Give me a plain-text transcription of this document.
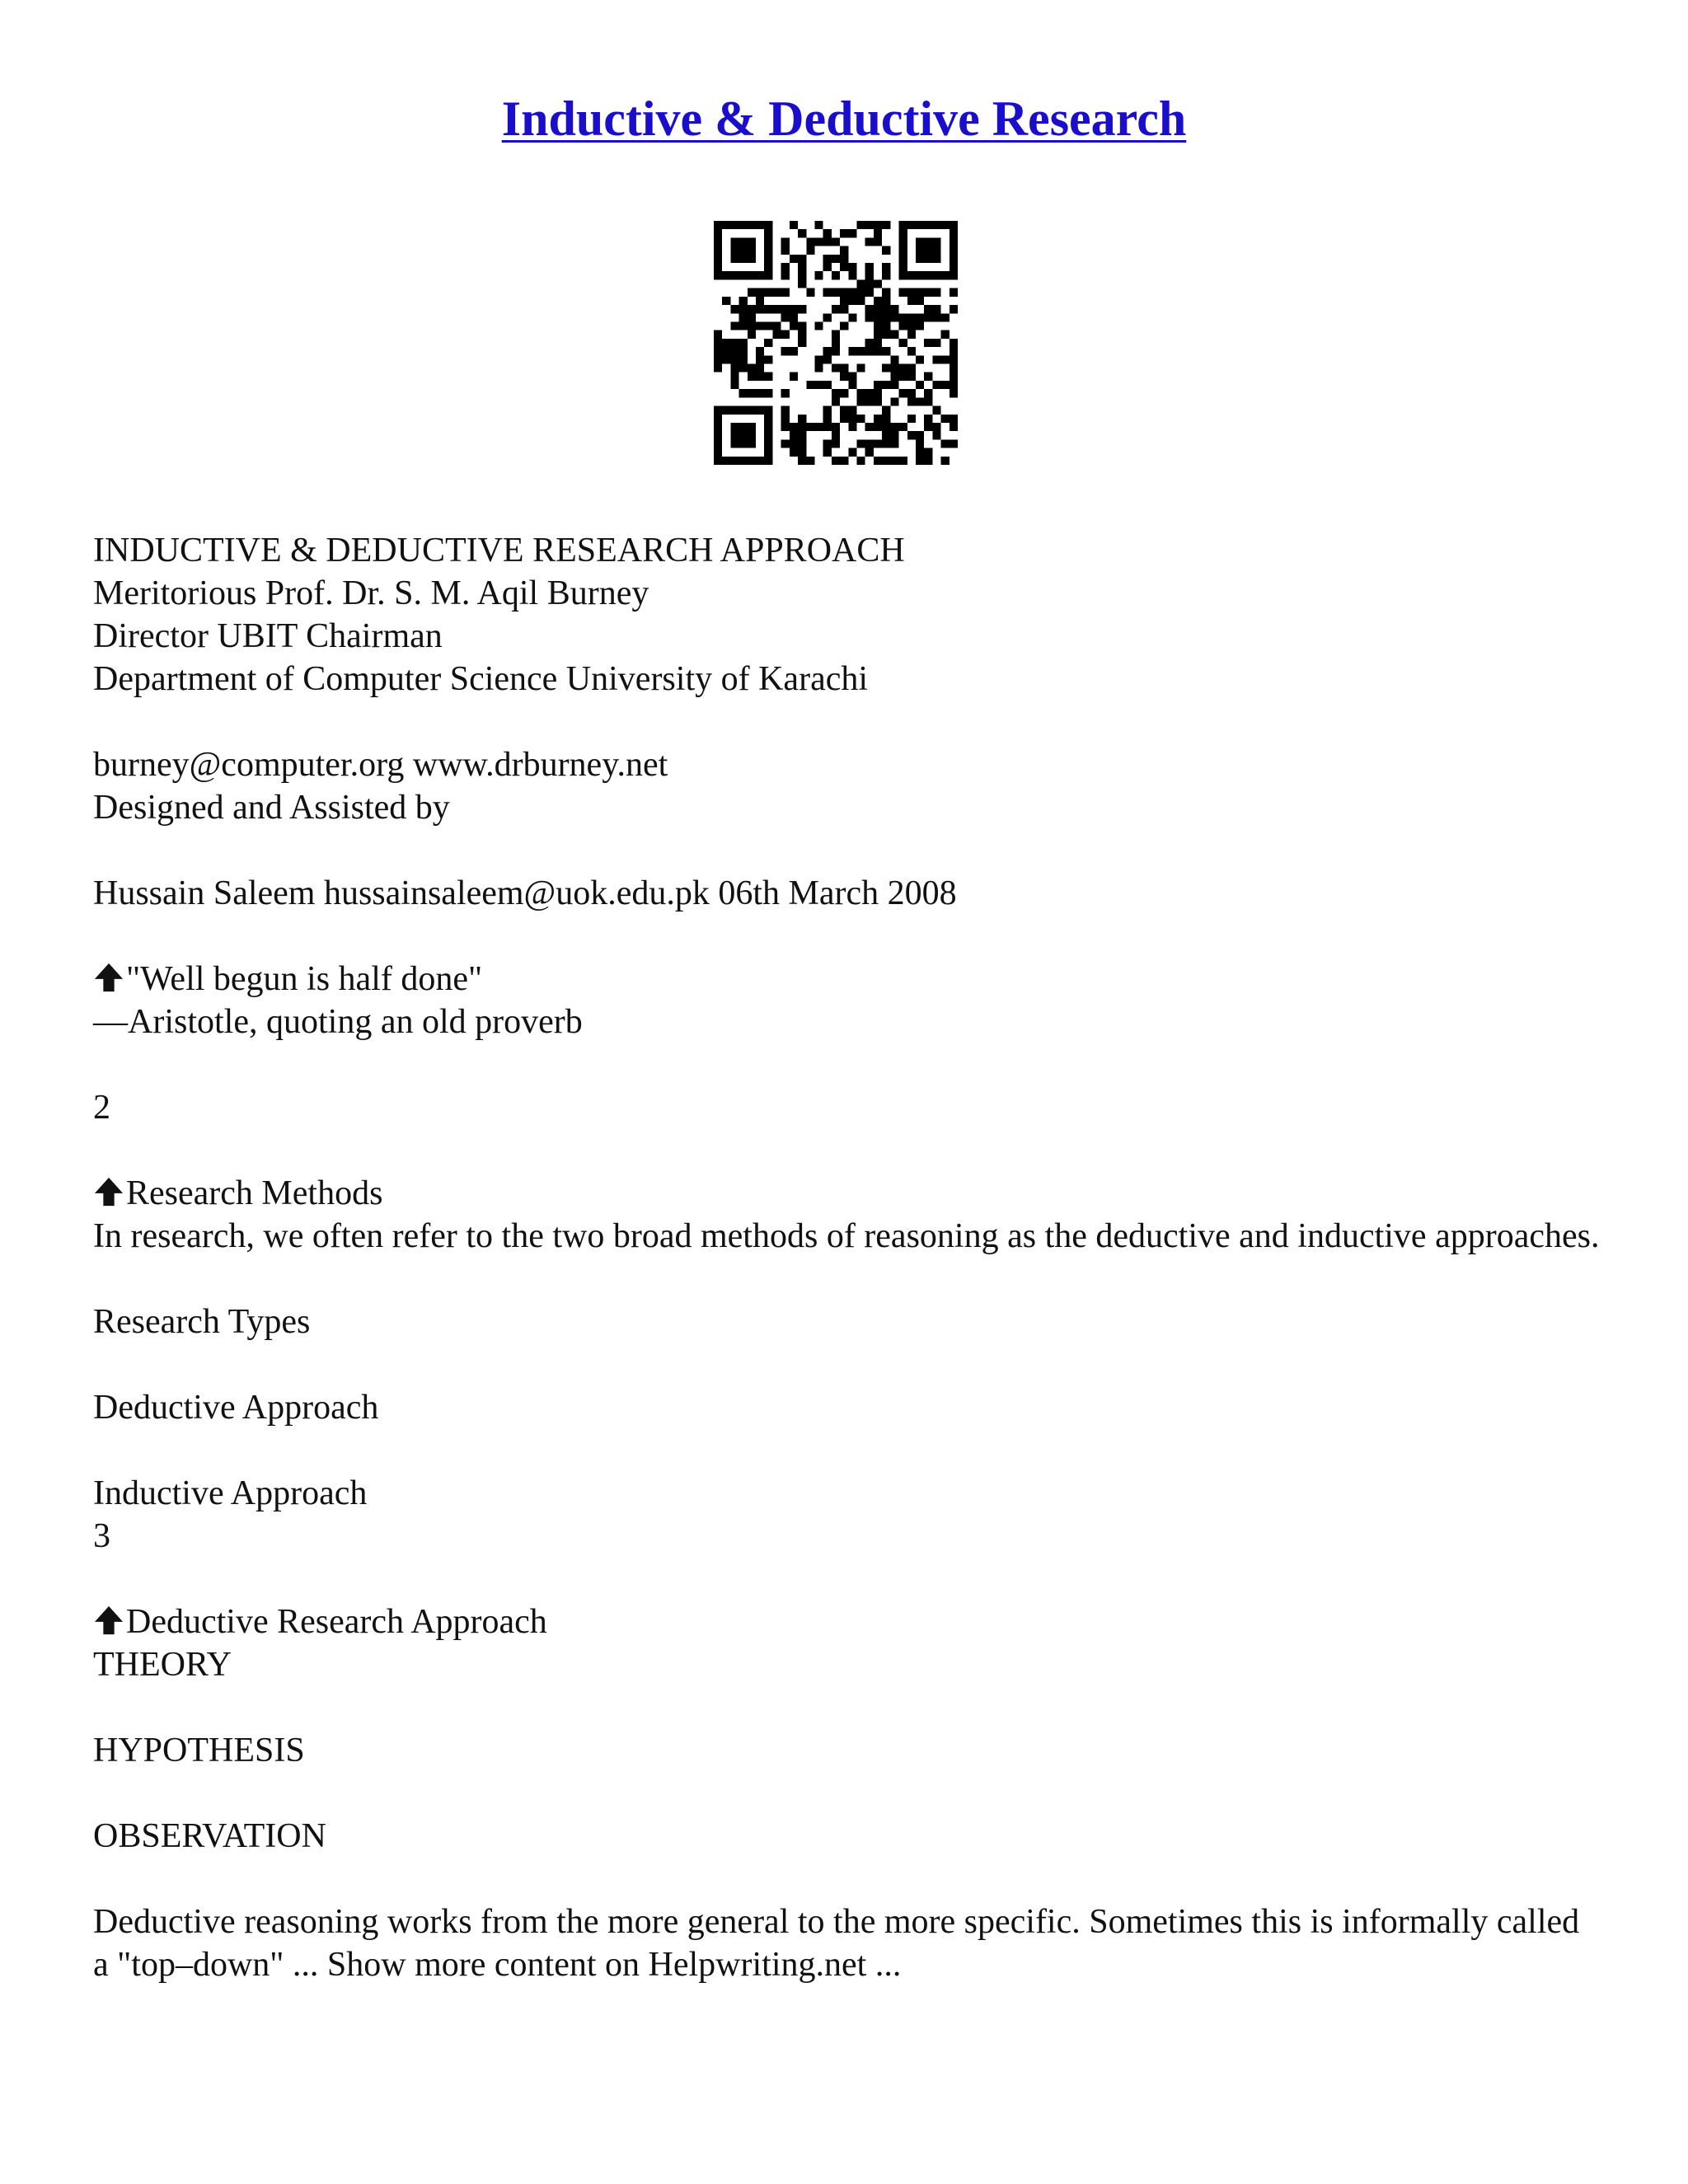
Inductive & Deductive Research
INDUCTIVE & DEDUCTIVE RESEARCH APPROACH
Meritorious Prof. Dr. S. M. Aqil Burney
Director UBIT Chairman
Department of Computer Science University of Karachi
burney@computer.org www.drburney.net
Designed and Assisted by
Hussain Saleem hussainsaleem@uok.edu.pk 06th March 2008
"Well begun is half done"
—Aristotle, quoting an old proverb
2
Research Methods
In research, we often refer to the two broad methods of reasoning as the deductive and inductive approaches.
Research Types
Deductive Approach
Inductive Approach
3
Deductive Research Approach
THEORY
HYPOTHESIS
OBSERVATION
Deductive reasoning works from the more general to the more specific. Sometimes this is informally called a "top–down" ... Show more content on Helpwriting.net ...
